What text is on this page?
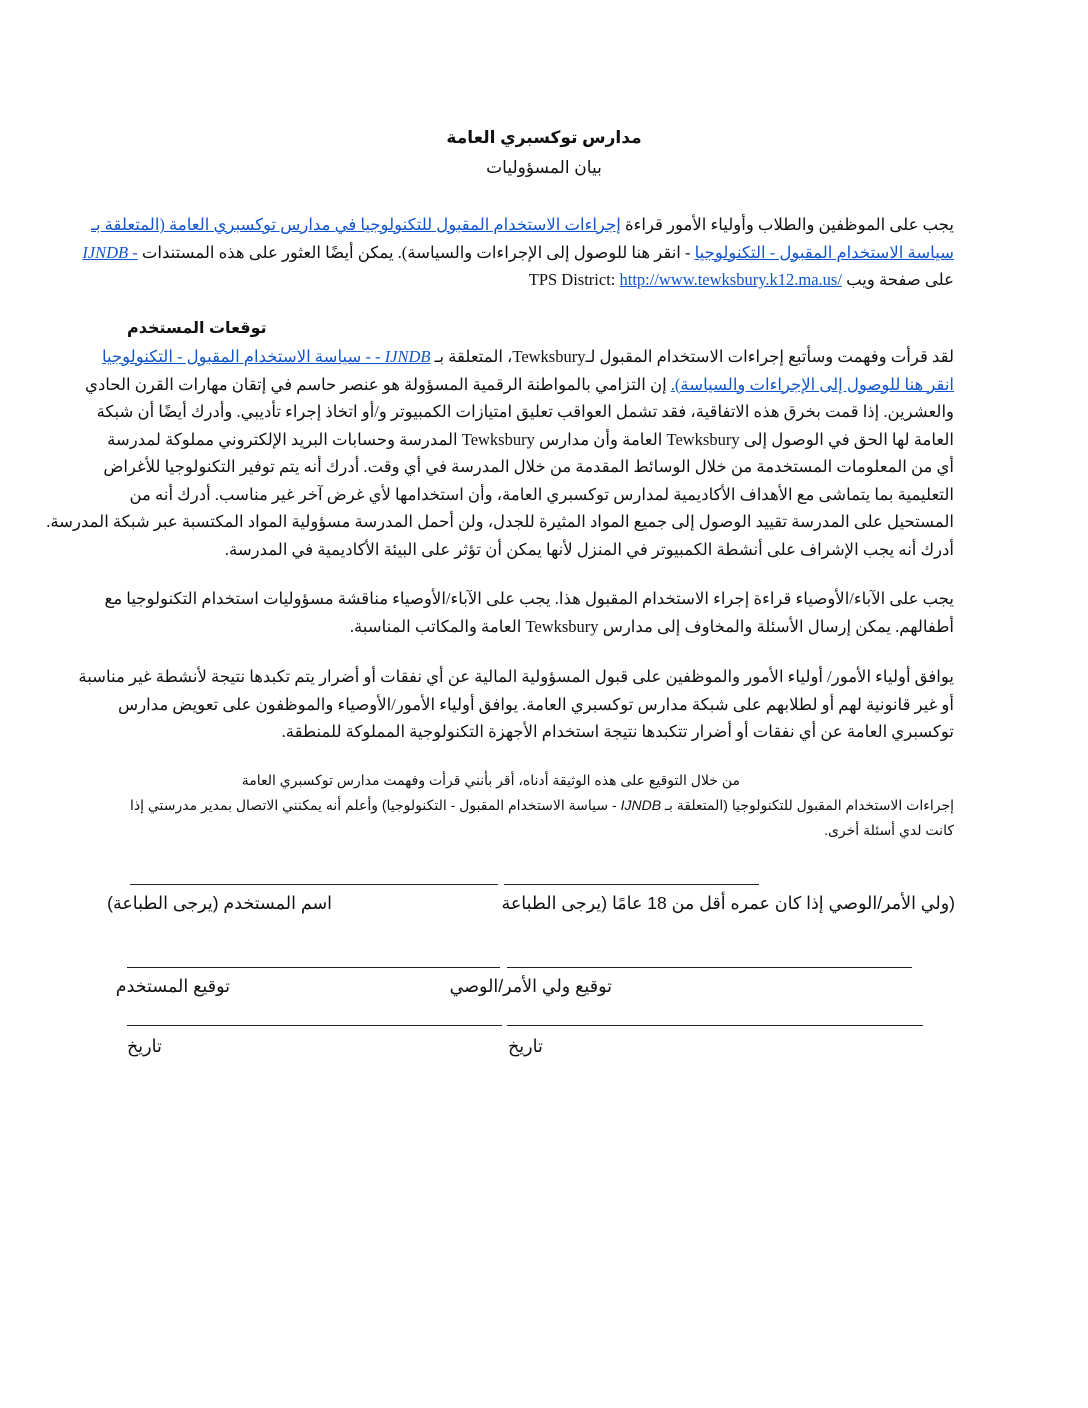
مدارس توكسبري العامة
بيان المسؤوليات
يجب على الموظفين والطلاب وأولياء الأمور قراءة إجراءات الاستخدام المقبول للتكنولوجيا في مدارس توكسبري العامة (المتعلقة بـ
سياسة الاستخدام المقبول - التكنولوجيا - انقر هنا للوصول إلى الإجراءات والسياسة). يمكن أيضًا العثور على هذه المستندات IJNDB -
على صفحة ويب TPS District: http://www.tewksbury.k12.ma.us/
توقعات المستخدم
لقد قرأت وفهمت وسأتبع إجراءات الاستخدام المقبول لـTewksbury، المتعلقة بـ IJNDB - - سياسة الاستخدام المقبول - التكنولوجيا
انقر هنا للوصول إلى الإجراءات والسياسة). إن التزامي بالمواطنة الرقمية المسؤولة هو عنصر حاسم في إتقان مهارات القرن الحادي
والعشرين. إذا قمت بخرق هذه الاتفاقية، فقد تشمل العواقب تعليق امتيازات الكمبيوتر و/أو اتخاذ إجراء تأديبي. وأدرك أيضًا أن شبكة
العامة لها الحق في الوصول إلى Tewksbury العامة وأن مدارس Tewksbury المدرسة وحسابات البريد الإلكتروني مملوكة لمدرسة
أي من المعلومات المستخدمة من خلال الوسائط المقدمة من خلال المدرسة في أي وقت. أدرك أنه يتم توفير التكنولوجيا للأغراض
التعليمية بما يتماشى مع الأهداف الأكاديمية لمدارس توكسبري العامة، وأن استخدامها لأي غرض آخر غير مناسب. أدرك أنه من
المستحيل على المدرسة تقييد الوصول إلى جميع المواد المثيرة للجدل، ولن أحمل المدرسة مسؤولية المواد المكتسبة عبر شبكة المدرسة.
أدرك أنه يجب الإشراف على أنشطة الكمبيوتر في المنزل لأنها يمكن أن تؤثر على البيئة الأكاديمية في المدرسة.
يجب على الآباء/الأوصياء قراءة إجراء الاستخدام المقبول هذا. يجب على الآباء/الأوصياء مناقشة مسؤوليات استخدام التكنولوجيا مع
أطفالهم. يمكن إرسال الأسئلة والمخاوف إلى مدارس Tewksbury العامة والمكاتب المناسبة.
يوافق أولياء الأمور/ أولياء الأمور والموظفين على قبول المسؤولية المالية عن أي نفقات أو أضرار يتم تكبدها نتيجة لأنشطة غير مناسبة
أو غير قانونية لهم أو لطلابهم على شبكة مدارس توكسبري العامة. يوافق أولياء الأمور/الأوصياء والموظفون على تعويض مدارس
توكسبري العامة عن أي نفقات أو أضرار تتكبدها نتيجة استخدام الأجهزة التكنولوجية المملوكة للمنطقة.
من خلال التوقيع على هذه الوثيقة أدناه، أقر بأنني قرأت وفهمت مدارس توكسبري العامة
إجراءات الاستخدام المقبول للتكنولوجيا (المتعلقة بـ IJNDB - سياسة الاستخدام المقبول - التكنولوجيا) وأعلم أنه يمكنني الاتصال بمدير مدرستي إذا
كانت لدي أسئلة أخرى.
اسم المستخدم (يرجى الطباعة)	(ولي الأمر/الوصي إذا كان عمره أقل من 18 عامًا (يرجى الطباعة
توقيع المستخدم	توقيع ولي الأمر/الوصي
تاريخ	تاريخ
